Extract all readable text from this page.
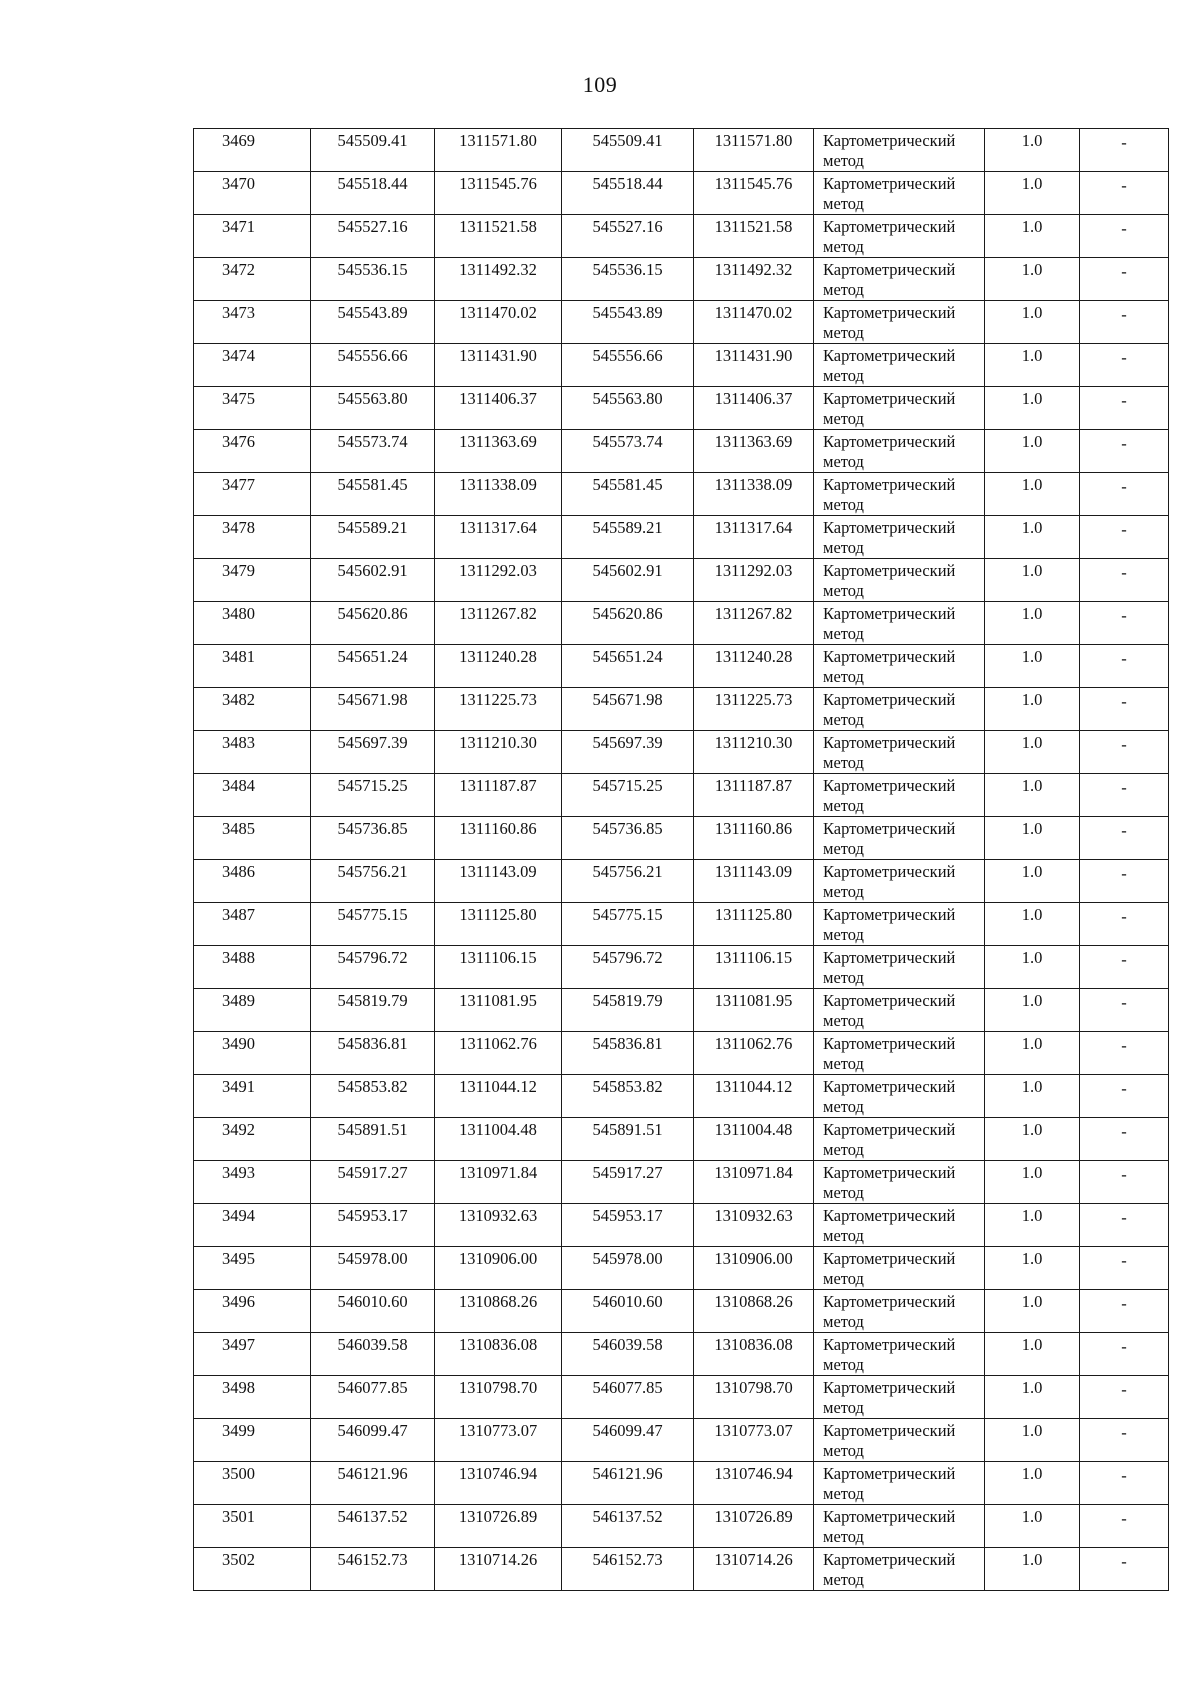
109
3469	545509.41	1311571.80	545509.41	1311571.80	Картометрический
метод	1.0	-
3470	545518.44	1311545.76	545518.44	1311545.76	Картометрический
метод	1.0	-
3471	545527.16	1311521.58	545527.16	1311521.58	Картометрический
метод	1.0	-
3472	545536.15	1311492.32	545536.15	1311492.32	Картометрический
метод	1.0	-
3473	545543.89	1311470.02	545543.89	1311470.02	Картометрический
метод	1.0	-
3474	545556.66	1311431.90	545556.66	1311431.90	Картометрический
метод	1.0	-
3475	545563.80	1311406.37	545563.80	1311406.37	Картометрический
метод	1.0	-
3476	545573.74	1311363.69	545573.74	1311363.69	Картометрический
метод	1.0	-
3477	545581.45	1311338.09	545581.45	1311338.09	Картометрический
метод	1.0	-
3478	545589.21	1311317.64	545589.21	1311317.64	Картометрический
метод	1.0	-
3479	545602.91	1311292.03	545602.91	1311292.03	Картометрический
метод	1.0	-
3480	545620.86	1311267.82	545620.86	1311267.82	Картометрический
метод	1.0	-
3481	545651.24	1311240.28	545651.24	1311240.28	Картометрический
метод	1.0	-
3482	545671.98	1311225.73	545671.98	1311225.73	Картометрический
метод	1.0	-
3483	545697.39	1311210.30	545697.39	1311210.30	Картометрический
метод	1.0	-
3484	545715.25	1311187.87	545715.25	1311187.87	Картометрический
метод	1.0	-
3485	545736.85	1311160.86	545736.85	1311160.86	Картометрический
метод	1.0	-
3486	545756.21	1311143.09	545756.21	1311143.09	Картометрический
метод	1.0	-
3487	545775.15	1311125.80	545775.15	1311125.80	Картометрический
метод	1.0	-
3488	545796.72	1311106.15	545796.72	1311106.15	Картометрический
метод	1.0	-
3489	545819.79	1311081.95	545819.79	1311081.95	Картометрический
метод	1.0	-
3490	545836.81	1311062.76	545836.81	1311062.76	Картометрический
метод	1.0	-
3491	545853.82	1311044.12	545853.82	1311044.12	Картометрический
метод	1.0	-
3492	545891.51	1311004.48	545891.51	1311004.48	Картометрический
метод	1.0	-
3493	545917.27	1310971.84	545917.27	1310971.84	Картометрический
метод	1.0	-
3494	545953.17	1310932.63	545953.17	1310932.63	Картометрический
метод	1.0	-
3495	545978.00	1310906.00	545978.00	1310906.00	Картометрический
метод	1.0	-
3496	546010.60	1310868.26	546010.60	1310868.26	Картометрический
метод	1.0	-
3497	546039.58	1310836.08	546039.58	1310836.08	Картометрический
метод	1.0	-
3498	546077.85	1310798.70	546077.85	1310798.70	Картометрический
метод	1.0	-
3499	546099.47	1310773.07	546099.47	1310773.07	Картометрический
метод	1.0	-
3500	546121.96	1310746.94	546121.96	1310746.94	Картометрический
метод	1.0	-
3501	546137.52	1310726.89	546137.52	1310726.89	Картометрический
метод	1.0	-
3502	546152.73	1310714.26	546152.73	1310714.26	Картометрический
метод	1.0	-
